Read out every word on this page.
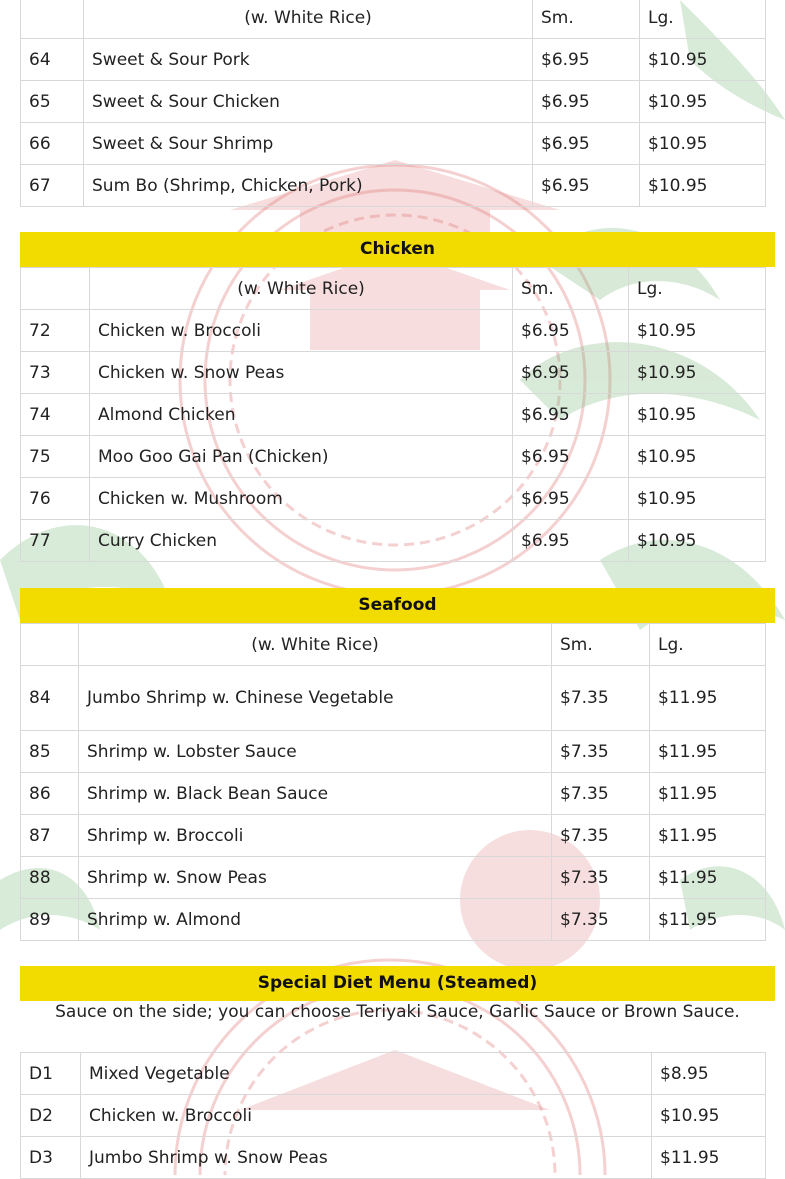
	(w. White Rice)	Sm.	Lg.
64	Sweet & Sour Pork	$6.95	$10.95
65	Sweet & Sour Chicken	$6.95	$10.95
66	Sweet & Sour Shrimp	$6.95	$10.95
67	Sum Bo (Shrimp, Chicken, Pork)	$6.95	$10.95
Chicken
	(w. White Rice)	Sm.	Lg.
72	Chicken w. Broccoli	$6.95	$10.95
73	Chicken w. Snow Peas	$6.95	$10.95
74	Almond Chicken	$6.95	$10.95
75	Moo Goo Gai Pan (Chicken)	$6.95	$10.95
76	Chicken w. Mushroom	$6.95	$10.95
77	Curry Chicken	$6.95	$10.95
Seafood
	(w. White Rice)	Sm.	Lg.
84	Jumbo Shrimp w. Chinese Vegetable	$7.35	$11.95
85	Shrimp w. Lobster Sauce	$7.35	$11.95
86	Shrimp w. Black Bean Sauce	$7.35	$11.95
87	Shrimp w. Broccoli	$7.35	$11.95
88	Shrimp w. Snow Peas	$7.35	$11.95
89	Shrimp w. Almond	$7.35	$11.95
Special Diet Menu (Steamed)
Sauce on the side; you can choose Teriyaki Sauce, Garlic Sauce or Brown Sauce.
D1	Mixed Vegetable	$8.95
D2	Chicken w. Broccoli	$10.95
D3	Jumbo Shrimp w. Snow Peas	$11.95
